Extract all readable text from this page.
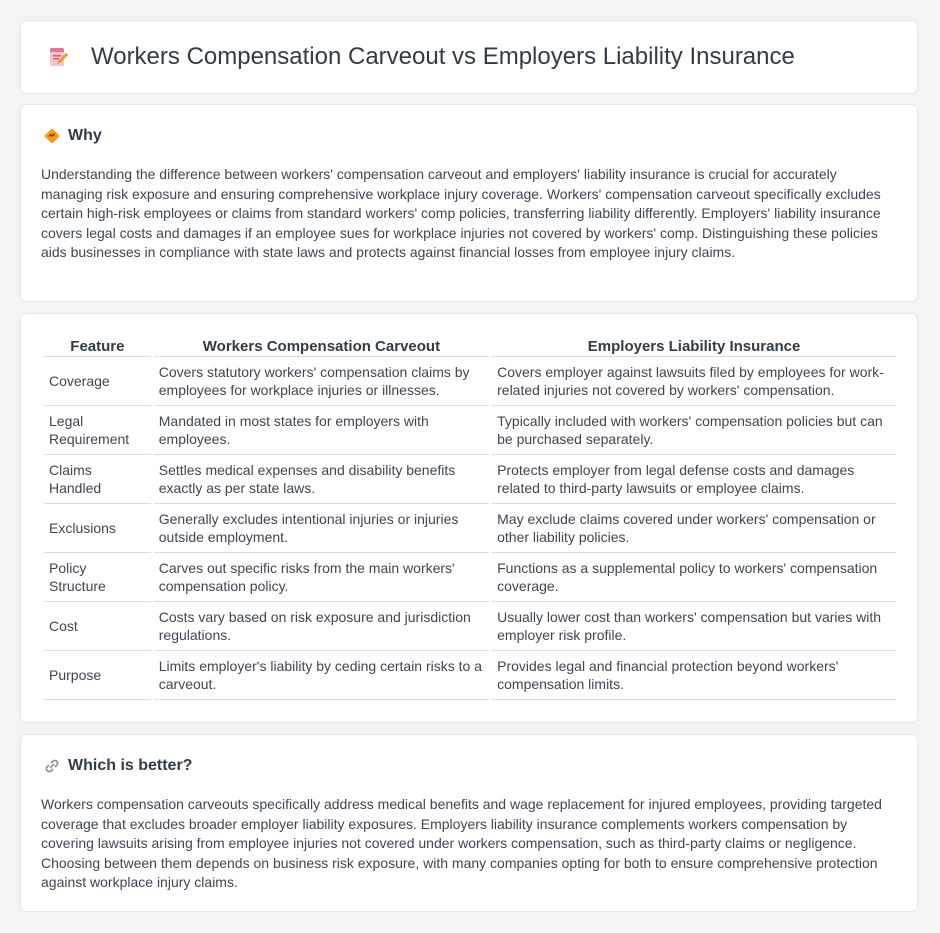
Workers Compensation Carveout vs Employers Liability Insurance
Why

Understanding the difference between workers' compensation carveout and employers' liability insurance is crucial for accurately managing risk exposure and ensuring comprehensive workplace injury coverage. Workers' compensation carveout specifically excludes certain high-risk employees or claims from standard workers' comp policies, transferring liability differently. Employers' liability insurance covers legal costs and damages if an employee sues for workplace injuries not covered by workers' comp. Distinguishing these policies aids businesses in compliance with state laws and protects against financial losses from employee injury claims.

Feature	Workers Compensation Carveout	Employers Liability Insurance
Coverage	Covers statutory workers' compensation claims by employees for workplace injuries or illnesses.	Covers employer against lawsuits filed by employees for work-related injuries not covered by workers' compensation.
Legal Requirement	Mandated in most states for employers with employees.	Typically included with workers' compensation policies but can be purchased separately.
Claims Handled	Settles medical expenses and disability benefits exactly as per state laws.	Protects employer from legal defense costs and damages related to third-party lawsuits or employee claims.
Exclusions	Generally excludes intentional injuries or injuries outside employment.	May exclude claims covered under workers' compensation or other liability policies.
Policy Structure	Carves out specific risks from the main workers' compensation policy.	Functions as a supplemental policy to workers' compensation coverage.
Cost	Costs vary based on risk exposure and jurisdiction regulations.	Usually lower cost than workers' compensation but varies with employer risk profile.
Purpose	Limits employer's liability by ceding certain risks to a carveout.	Provides legal and financial protection beyond workers' compensation limits.
Which is better?

Workers compensation carveouts specifically address medical benefits and wage replacement for injured employees, providing targeted coverage that excludes broader employer liability exposures. Employers liability insurance complements workers compensation by covering lawsuits arising from employee injuries not covered under workers compensation, such as third-party claims or negligence. Choosing between them depends on business risk exposure, with many companies opting for both to ensure comprehensive protection against workplace injury claims.
